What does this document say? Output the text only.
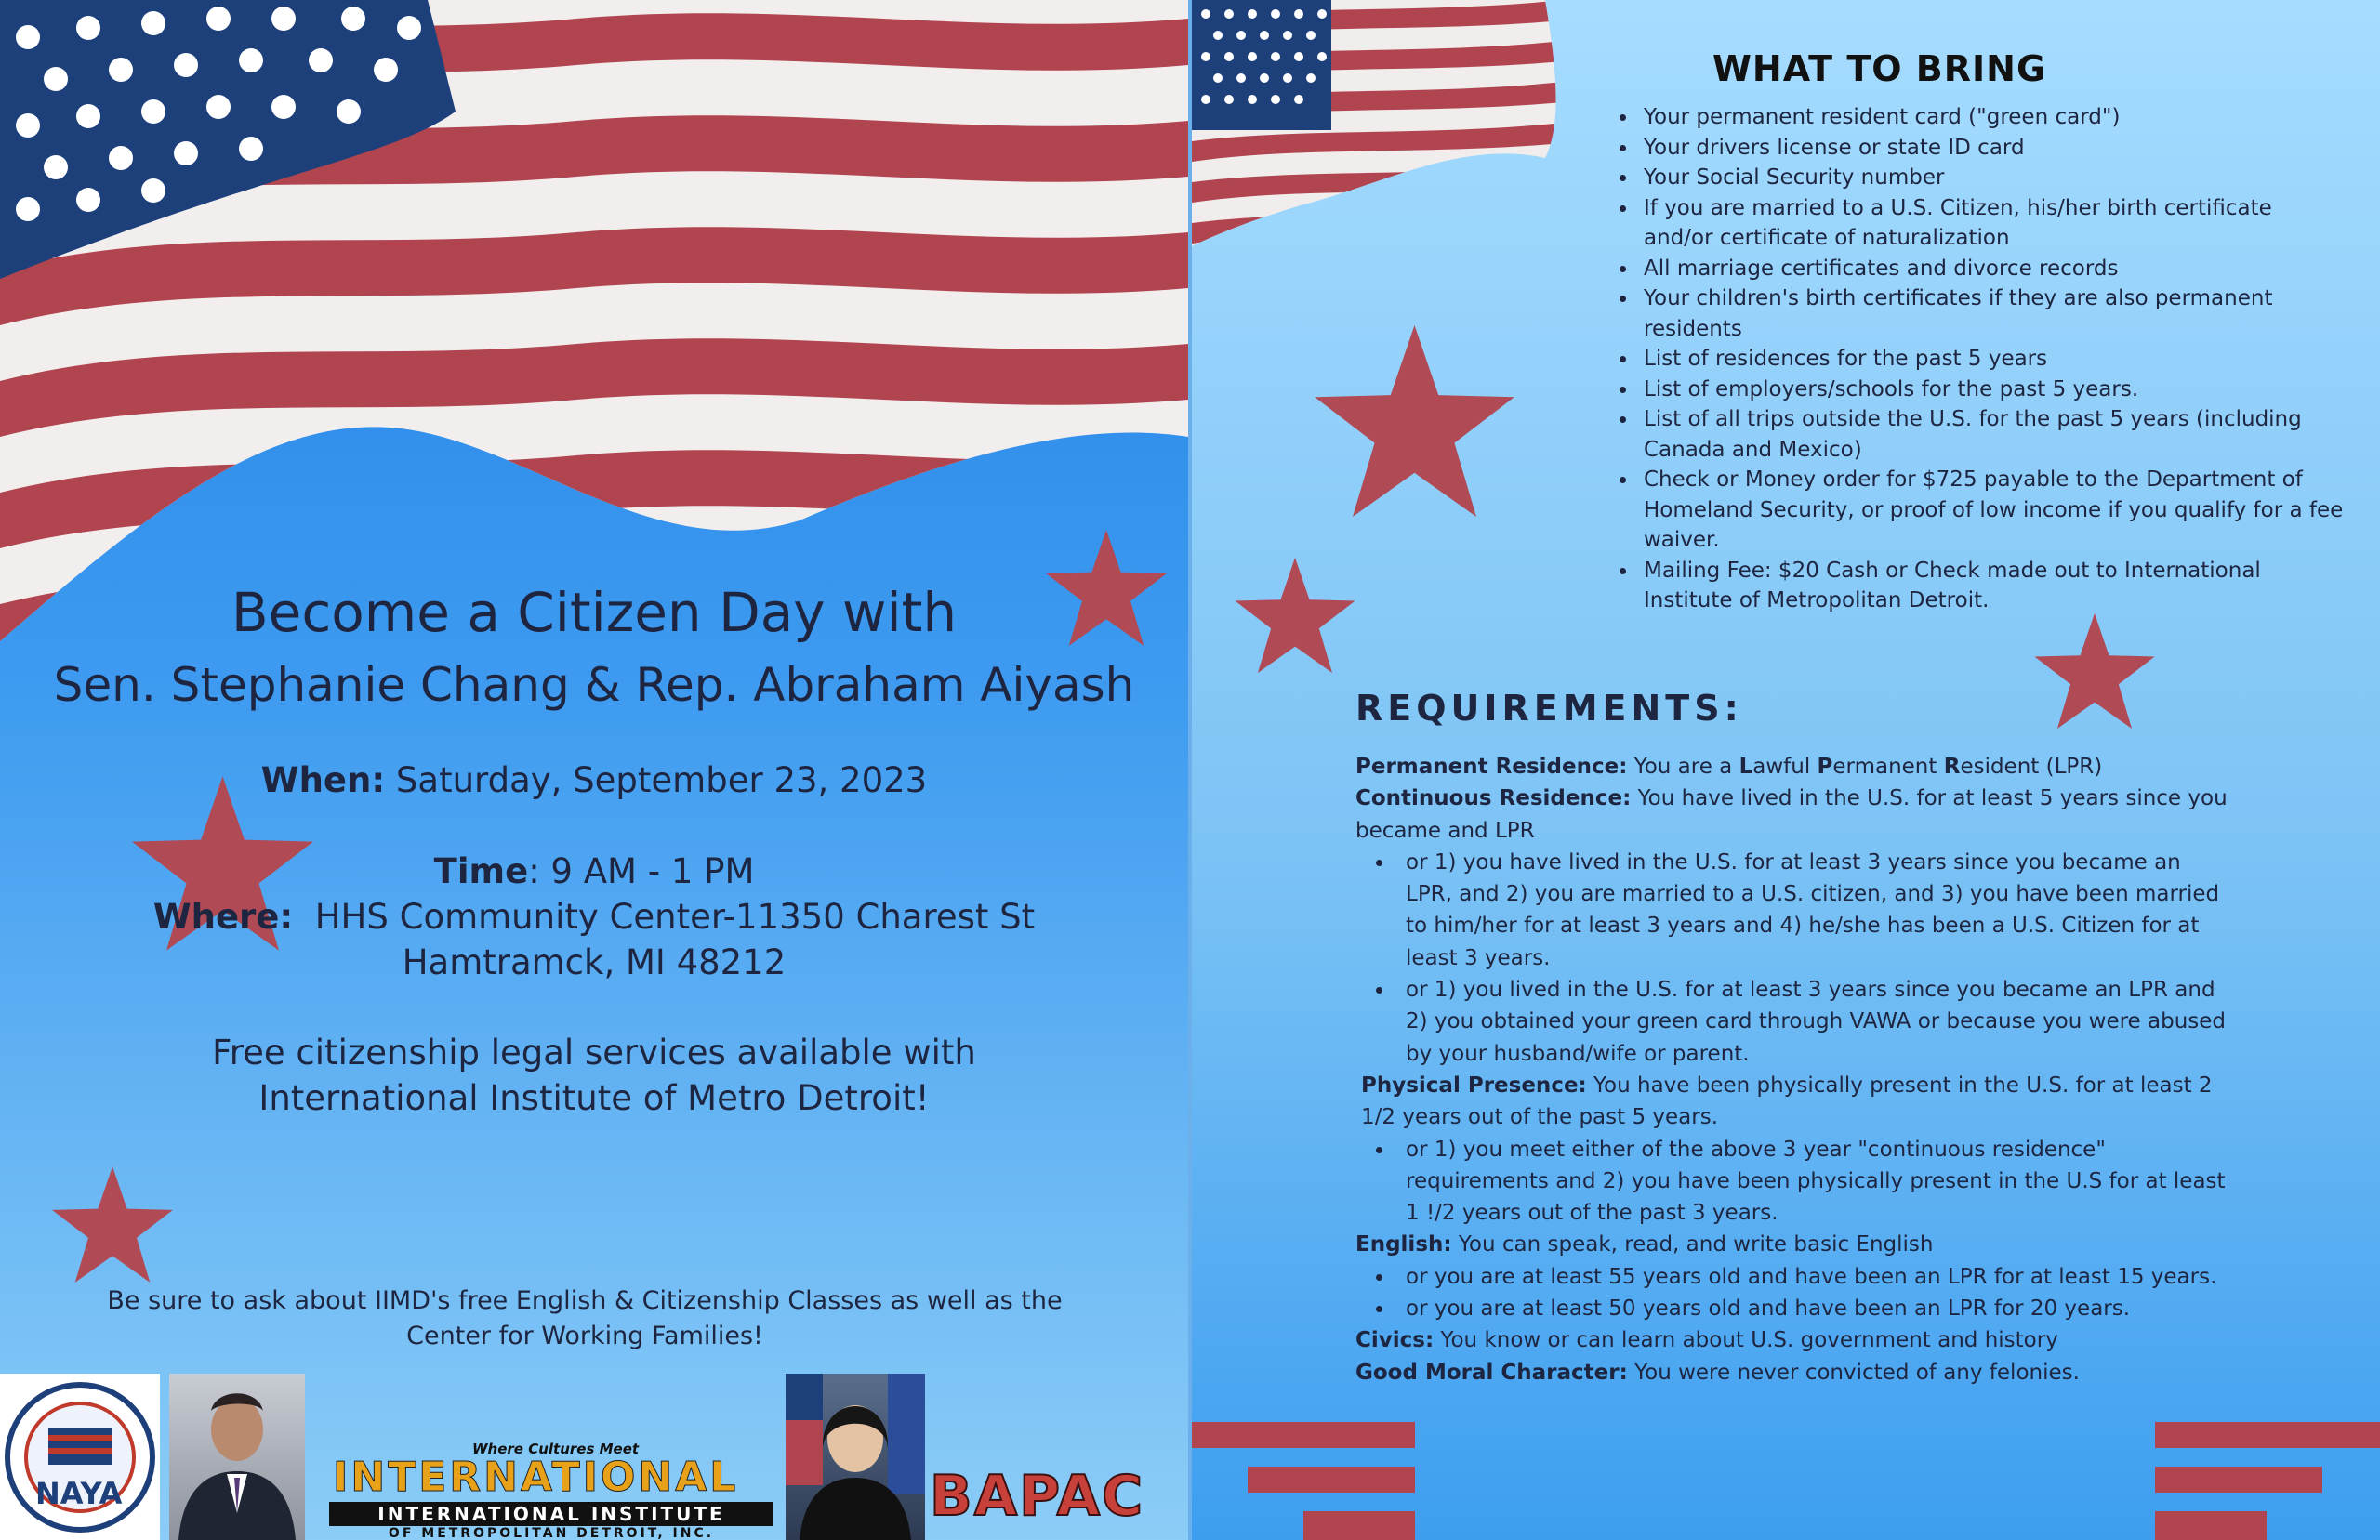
Become a Citizen Day with
Sen. Stephanie Chang & Rep. Abraham Aiyash
When: Saturday, September 23, 2023
Time: 9 AM - 1 PM
Where:  HHS Community Center-11350 Charest St
Hamtramck, MI 48212
Free citizenship legal services available with
International Institute of Metro Detroit!
Be sure to ask about IIMD's free English & Citizenship Classes as well as the
Center for Working Families!
NAYA
Where Cultures Meet
INTERNATIONAL
INTERNATIONAL INSTITUTE
OF METROPOLITAN DETROIT, INC.
BAPAC
WHAT TO BRING
• Your permanent resident card ("green card")
• Your drivers license or state ID card
• Your Social Security number
• If you are married to a U.S. Citizen, his/her birth certificate and/or certificate of naturalization
• All marriage certificates and divorce records
• Your children's birth certificates if they are also permanent residents
• List of residences for the past 5 years
• List of employers/schools for the past 5 years.
• List of all trips outside the U.S. for the past 5 years (including Canada and Mexico)
• Check or Money order for $725 payable to the Department of Homeland Security, or proof of low income if you qualify for a fee waiver.
• Mailing Fee: $20 Cash or Check made out to International Institute of Metropolitan Detroit.
REQUIREMENTS:

Permanent Residence: You are a Lawful Permanent Resident (LPR)

Continuous Residence: You have lived in the U.S. for at least 5 years since you became and LPR

• or 1) you have lived in the U.S. for at least 3 years since you became an LPR, and 2) you are married to a U.S. citizen, and 3) you have been married to him/her for at least 3 years and 4) he/she has been a U.S. Citizen for at least 3 years.
• or 1) you lived in the U.S. for at least 3 years since you became an LPR and 2) you obtained your green card through VAWA or because you were abused by your husband/wife or parent.

Physical Presence: You have been physically present in the U.S. for at least 2 1/2 years out of the past 5 years.

• or 1) you meet either of the above 3 year "continuous residence" requirements and 2) you have been physically present in the U.S for at least 1 !/2 years out of the past 3 years.

English: You can speak, read, and write basic English

• or you are at least 55 years old and have been an LPR for at least 15 years.
• or you are at least 50 years old and have been an LPR for 20 years.

Civics: You know or can learn about U.S. government and history

Good Moral Character: You were never convicted of any felonies.
